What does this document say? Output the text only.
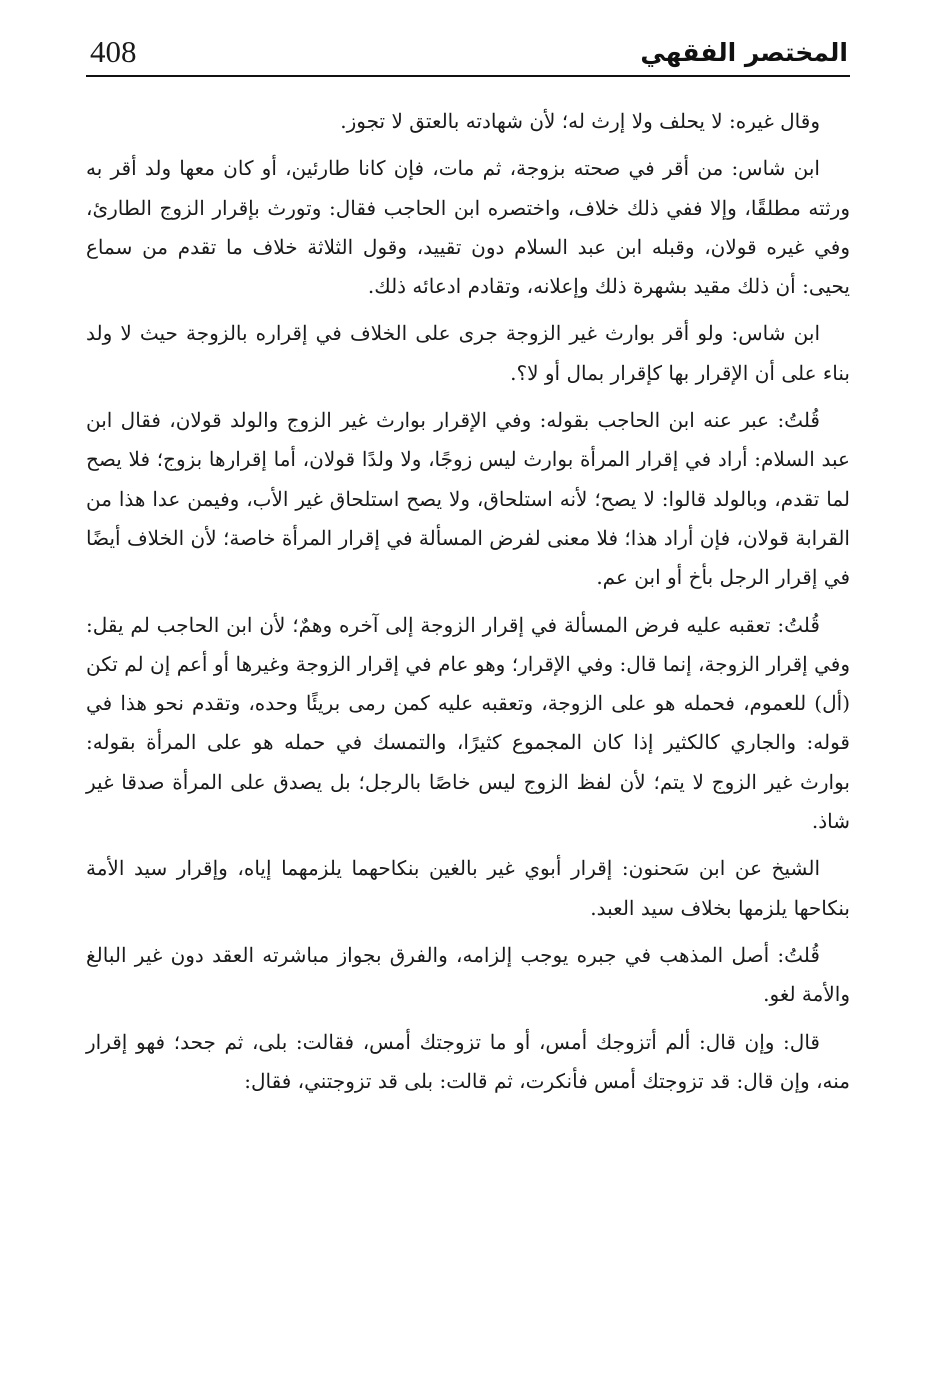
408	المختصر الفقهي

وقال غيره: لا يحلف ولا إرث له؛ لأن شهادته بالعتق لا تجوز.

ابن شاس: من أقر في صحته بزوجة، ثم مات، فإن كانا طارئين، أو كان معها ولد أقر به ورثته مطلقًا، وإلا ففي ذلك خلاف، واختصره ابن الحاجب فقال: وتورث بإقرار الزوج الطارئ، وفي غيره قولان، وقبله ابن عبد السلام دون تقييد، وقول الثلاثة خلاف ما تقدم من سماع يحيى: أن ذلك مقيد بشهرة ذلك وإعلانه، وتقادم ادعائه ذلك.

ابن شاس: ولو أقر بوارث غير الزوجة جرى على الخلاف في إقراره بالزوجة حيث لا ولد بناء على أن الإقرار بها كإقرار بمال أو لا؟.

قُلتُ: عبر عنه ابن الحاجب بقوله: وفي الإقرار بوارث غير الزوج والولد قولان، فقال ابن عبد السلام: أراد في إقرار المرأة بوارث ليس زوجًا، ولا ولدًا قولان، أما إقرارها بزوج؛ فلا يصح لما تقدم، وبالولد قالوا: لا يصح؛ لأنه استلحاق، ولا يصح استلحاق غير الأب، وفيمن عدا هذا من القرابة قولان، فإن أراد هذا؛ فلا معنى لفرض المسألة في إقرار المرأة خاصة؛ لأن الخلاف أيضًا في إقرار الرجل بأخ أو ابن عم.

قُلتُ: تعقبه عليه فرض المسألة في إقرار الزوجة إلى آخره وهمٌ؛ لأن ابن الحاجب لم يقل: وفي إقرار الزوجة، إنما قال: وفي الإقرار؛ وهو عام في إقرار الزوجة وغيرها أو أعم إن لم تكن (أل) للعموم، فحمله هو على الزوجة، وتعقبه عليه كمن رمى بريئًا وحده، وتقدم نحو هذا في قوله: والجاري كالكثير إذا كان المجموع كثيرًا، والتمسك في حمله هو على المرأة بقوله: بوارث غير الزوج لا يتم؛ لأن لفظ الزوج ليس خاصًا بالرجل؛ بل يصدق على المرأة صدقا غير شاذ.

الشيخ عن ابن سَحنون: إقرار أبوي غير بالغين بنكاحهما يلزمهما إياه، وإقرار سيد الأمة بنكاحها يلزمها بخلاف سيد العبد.

قُلتُ: أصل المذهب في جبره يوجب إلزامه، والفرق بجواز مباشرته العقد دون غير البالغ والأمة لغو.

قال: وإن قال: ألم أتزوجك أمس، أو ما تزوجتك أمس، فقالت: بلى، ثم جحد؛ فهو إقرار منه، وإن قال: قد تزوجتك أمس فأنكرت، ثم قالت: بلى قد تزوجتني، فقال:
